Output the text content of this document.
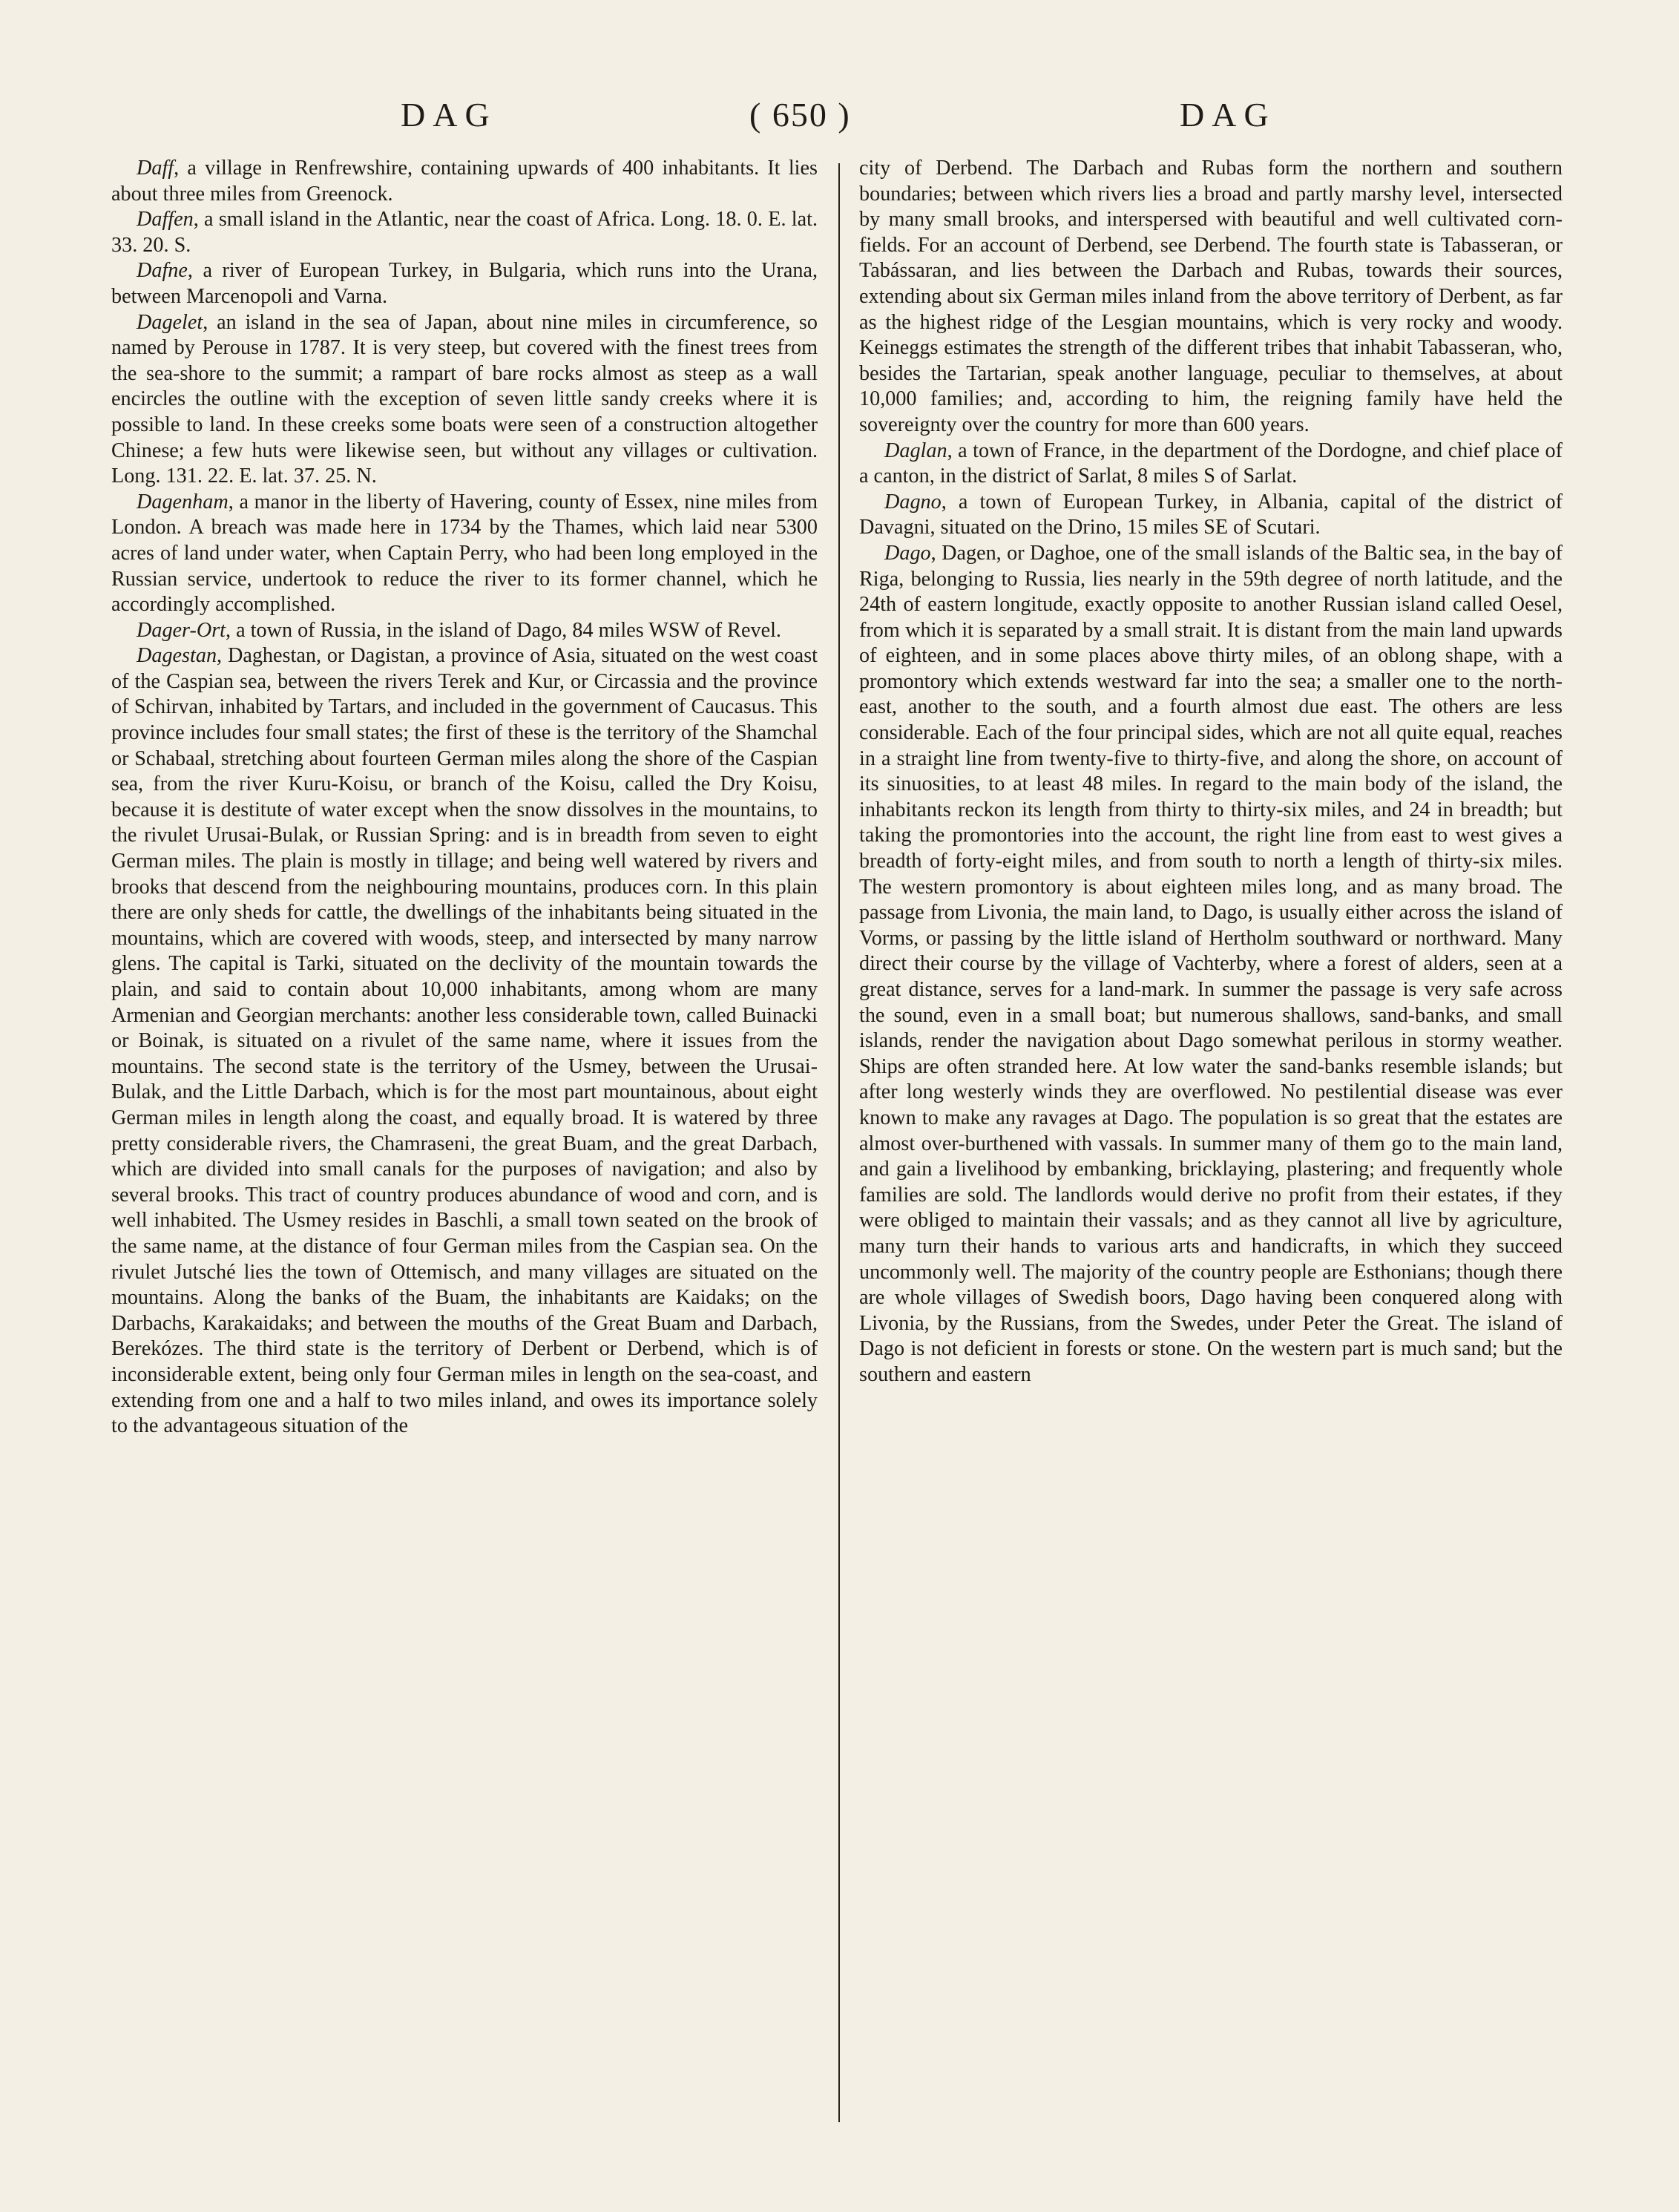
DAG	( 650 )	DAG

Daff, a village in Renfrewshire, containing upwards of 400 inhabitants. It lies about three miles from Greenock.

Daffen, a small island in the Atlantic, near the coast of Africa. Long. 18. 0. E. lat. 33. 20. S.

Dafne, a river of European Turkey, in Bulgaria, which runs into the Urana, between Marcenopoli and Varna.

Dagelet, an island in the sea of Japan, about nine miles in circumference, so named by Perouse in 1787. It is very steep, but covered with the finest trees from the sea-shore to the summit; a rampart of bare rocks almost as steep as a wall encircles the outline with the exception of seven little sandy creeks where it is possible to land. In these creeks some boats were seen of a construction altogether Chinese; a few huts were likewise seen, but without any villages or cultivation. Long. 131. 22. E. lat. 37. 25. N.

Dagenham, a manor in the liberty of Havering, county of Essex, nine miles from London. A breach was made here in 1734 by the Thames, which laid near 5300 acres of land under water, when Captain Perry, who had been long employed in the Russian service, undertook to reduce the river to its former channel, which he accordingly accomplished.

Dager-Ort, a town of Russia, in the island of Dago, 84 miles WSW of Revel.

Dagestan, Daghestan, or Dagistan, a province of Asia, situated on the west coast of the Caspian sea, between the rivers Terek and Kur, or Circassia and the province of Schirvan, inhabited by Tartars, and included in the government of Caucasus. This province includes four small states; the first of these is the territory of the Shamchal or Schabaal, stretching about fourteen German miles along the shore of the Caspian sea, from the river Kuru-Koisu, or branch of the Koisu, called the Dry Koisu, because it is destitute of water except when the snow dissolves in the mountains, to the rivulet Urusai-Bulak, or Russian Spring: and is in breadth from seven to eight German miles. The plain is mostly in tillage; and being well watered by rivers and brooks that descend from the neighbouring mountains, produces corn. In this plain there are only sheds for cattle, the dwellings of the inhabitants being situated in the mountains, which are covered with woods, steep, and intersected by many narrow glens. The capital is Tarki, situated on the declivity of the mountain towards the plain, and said to contain about 10,000 inhabitants, among whom are many Armenian and Georgian merchants: another less considerable town, called Buinacki or Boinak, is situated on a rivulet of the same name, where it issues from the mountains. The second state is the territory of the Usmey, between the Urusai-Bulak, and the Little Darbach, which is for the most part mountainous, about eight German miles in length along the coast, and equally broad. It is watered by three pretty considerable rivers, the Chamraseni, the great Buam, and the great Darbach, which are divided into small canals for the purposes of navigation; and also by several brooks. This tract of country produces abundance of wood and corn, and is well inhabited. The Usmey resides in Baschli, a small town seated on the brook of the same name, at the distance of four German miles from the Caspian sea. On the rivulet Jutsché lies the town of Ottemisch, and many villages are situated on the mountains. Along the banks of the Buam, the inhabitants are Kaidaks; on the Darbachs, Karakaidaks; and between the mouths of the Great Buam and Darbach, Berekózes. The third state is the territory of Derbent or Derbend, which is of inconsiderable extent, being only four German miles in length on the sea-coast, and extending from one and a half to two miles inland, and owes its importance solely to the advantageous situation of the

city of Derbend. The Darbach and Rubas form the northern and southern boundaries; between which rivers lies a broad and partly marshy level, intersected by many small brooks, and interspersed with beautiful and well cultivated corn-fields. For an account of Derbend, see Derbend. The fourth state is Tabasseran, or Tabássaran, and lies between the Darbach and Rubas, towards their sources, extending about six German miles inland from the above territory of Derbent, as far as the highest ridge of the Lesgian mountains, which is very rocky and woody. Keineggs estimates the strength of the different tribes that inhabit Tabasseran, who, besides the Tartarian, speak another language, peculiar to themselves, at about 10,000 families; and, according to him, the reigning family have held the sovereignty over the country for more than 600 years.

Daglan, a town of France, in the department of the Dordogne, and chief place of a canton, in the district of Sarlat, 8 miles S of Sarlat.

Dagno, a town of European Turkey, in Albania, capital of the district of Davagni, situated on the Drino, 15 miles SE of Scutari.

Dago, Dagen, or Daghoe, one of the small islands of the Baltic sea, in the bay of Riga, belonging to Russia, lies nearly in the 59th degree of north latitude, and the 24th of eastern longitude, exactly opposite to another Russian island called Oesel, from which it is separated by a small strait. It is distant from the main land upwards of eighteen, and in some places above thirty miles, of an oblong shape, with a promontory which extends westward far into the sea; a smaller one to the north-east, another to the south, and a fourth almost due east. The others are less considerable. Each of the four principal sides, which are not all quite equal, reaches in a straight line from twenty-five to thirty-five, and along the shore, on account of its sinuosities, to at least 48 miles. In regard to the main body of the island, the inhabitants reckon its length from thirty to thirty-six miles, and 24 in breadth; but taking the promontories into the account, the right line from east to west gives a breadth of forty-eight miles, and from south to north a length of thirty-six miles. The western promontory is about eighteen miles long, and as many broad. The passage from Livonia, the main land, to Dago, is usually either across the island of Vorms, or passing by the little island of Hertholm southward or northward. Many direct their course by the village of Vachterby, where a forest of alders, seen at a great distance, serves for a land-mark. In summer the passage is very safe across the sound, even in a small boat; but numerous shallows, sand-banks, and small islands, render the navigation about Dago somewhat perilous in stormy weather. Ships are often stranded here. At low water the sand-banks resemble islands; but after long westerly winds they are overflowed. No pestilential disease was ever known to make any ravages at Dago. The population is so great that the estates are almost over-burthened with vassals. In summer many of them go to the main land, and gain a livelihood by embanking, bricklaying, plastering; and frequently whole families are sold. The landlords would derive no profit from their estates, if they were obliged to maintain their vassals; and as they cannot all live by agriculture, many turn their hands to various arts and handicrafts, in which they succeed uncommonly well. The majority of the country people are Esthonians; though there are whole villages of Swedish boors, Dago having been conquered along with Livonia, by the Russians, from the Swedes, under Peter the Great. The island of Dago is not deficient in forests or stone. On the western part is much sand; but the southern and eastern
